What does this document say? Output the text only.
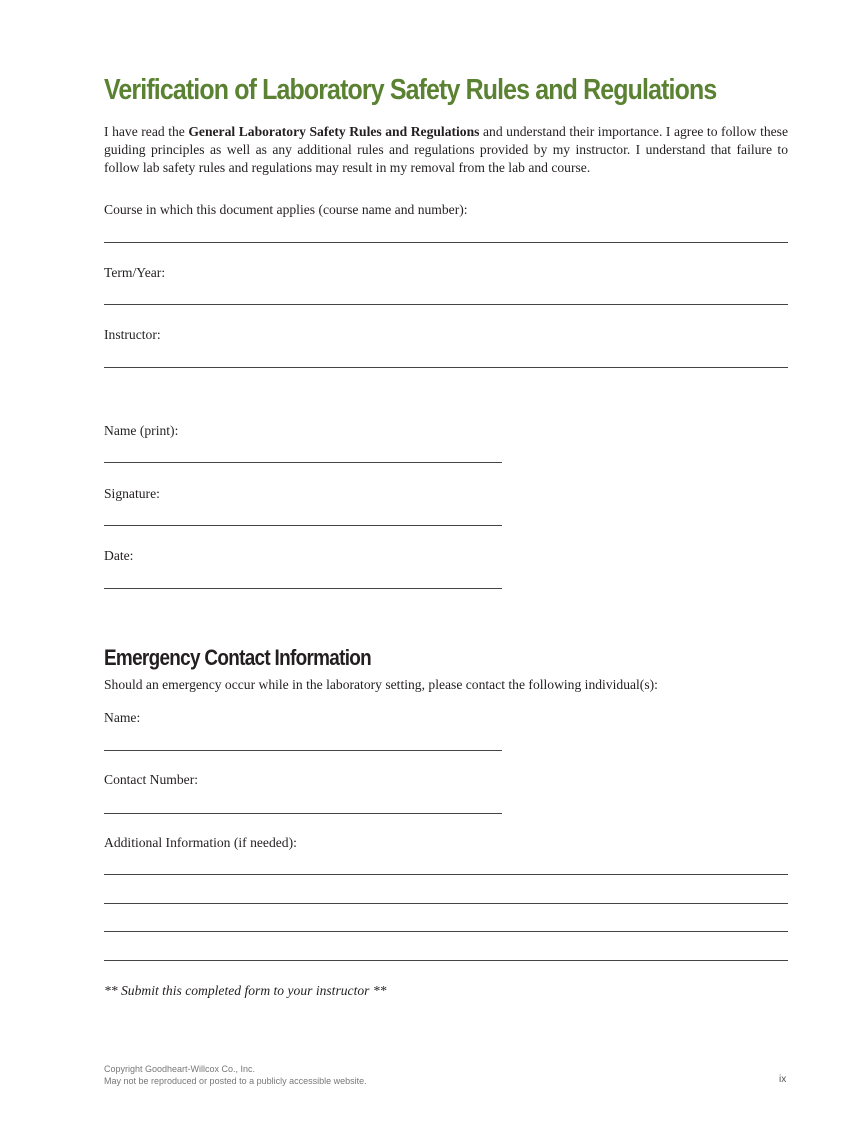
Verification of Laboratory Safety Rules and Regulations
I have read the General Laboratory Safety Rules and Regulations and understand their importance. I agree to follow these guiding principles as well as any additional rules and regulations provided by my instructor. I understand that failure to follow lab safety rules and regulations may result in my removal from the lab and course.
Course in which this document applies (course name and number):
Term/Year:
Instructor:
Name (print):
Signature:
Date:
Emergency Contact Information
Should an emergency occur while in the laboratory setting, please contact the following individual(s):
Name:
Contact Number:
Additional Information (if needed):
** Submit this completed form to your instructor **
Copyright Goodheart-Willcox Co., Inc.
May not be reproduced or posted to a publicly accessible website.	ix
